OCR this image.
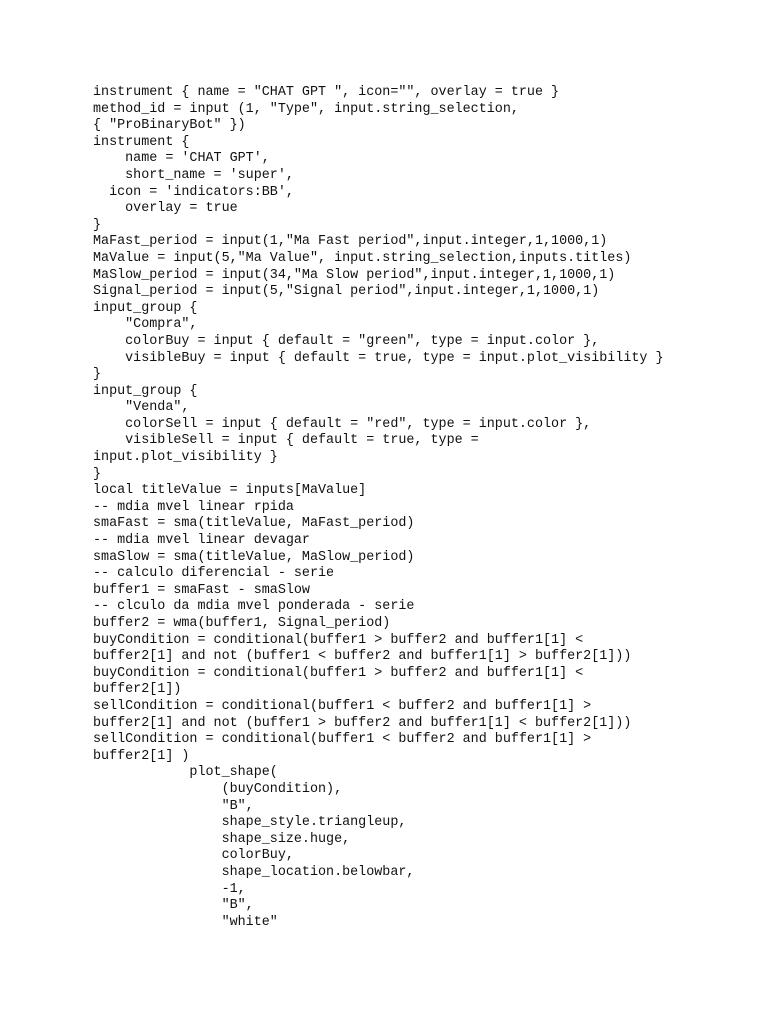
instrument { name = "CHAT GPT ", icon="", overlay = true }
method_id = input (1, "Type", input.string_selection,
{ "ProBinaryBot" })
instrument {
name = 'CHAT GPT',
short_name = 'super',
icon = 'indicators:BB',
overlay = true
}
MaFast_period = input(1,"Ma Fast period",input.integer,1,1000,1)
MaValue = input(5,"Ma Value", input.string_selection,inputs.titles)
MaSlow_period = input(34,"Ma Slow period",input.integer,1,1000,1)
Signal_period = input(5,"Signal period",input.integer,1,1000,1)
input_group {
"Compra",
colorBuy = input { default = "green", type = input.color },
visibleBuy = input { default = true, type = input.plot_visibility }
}
input_group {
"Venda",
colorSell = input { default = "red", type = input.color },
visibleSell = input { default = true, type =
input.plot_visibility }
}
local titleValue = inputs[MaValue]
-- mdia mvel linear rpida
smaFast = sma(titleValue, MaFast_period)
-- mdia mvel linear devagar
smaSlow = sma(titleValue, MaSlow_period)
-- calculo diferencial - serie
buffer1 = smaFast - smaSlow
-- clculo da mdia mvel ponderada - serie
buffer2 = wma(buffer1, Signal_period)
buyCondition = conditional(buffer1 > buffer2 and buffer1[1] <
buffer2[1] and not (buffer1 < buffer2 and buffer1[1] > buffer2[1]))
buyCondition = conditional(buffer1 > buffer2 and buffer1[1] <
buffer2[1])
sellCondition = conditional(buffer1 < buffer2 and buffer1[1] >
buffer2[1] and not (buffer1 > buffer2 and buffer1[1] < buffer2[1]))
sellCondition = conditional(buffer1 < buffer2 and buffer1[1] >
buffer2[1] )
plot_shape(
(buyCondition),
"B",
shape_style.triangleup,
shape_size.huge,
colorBuy,
shape_location.belowbar,
-1,
"B",
"white"
